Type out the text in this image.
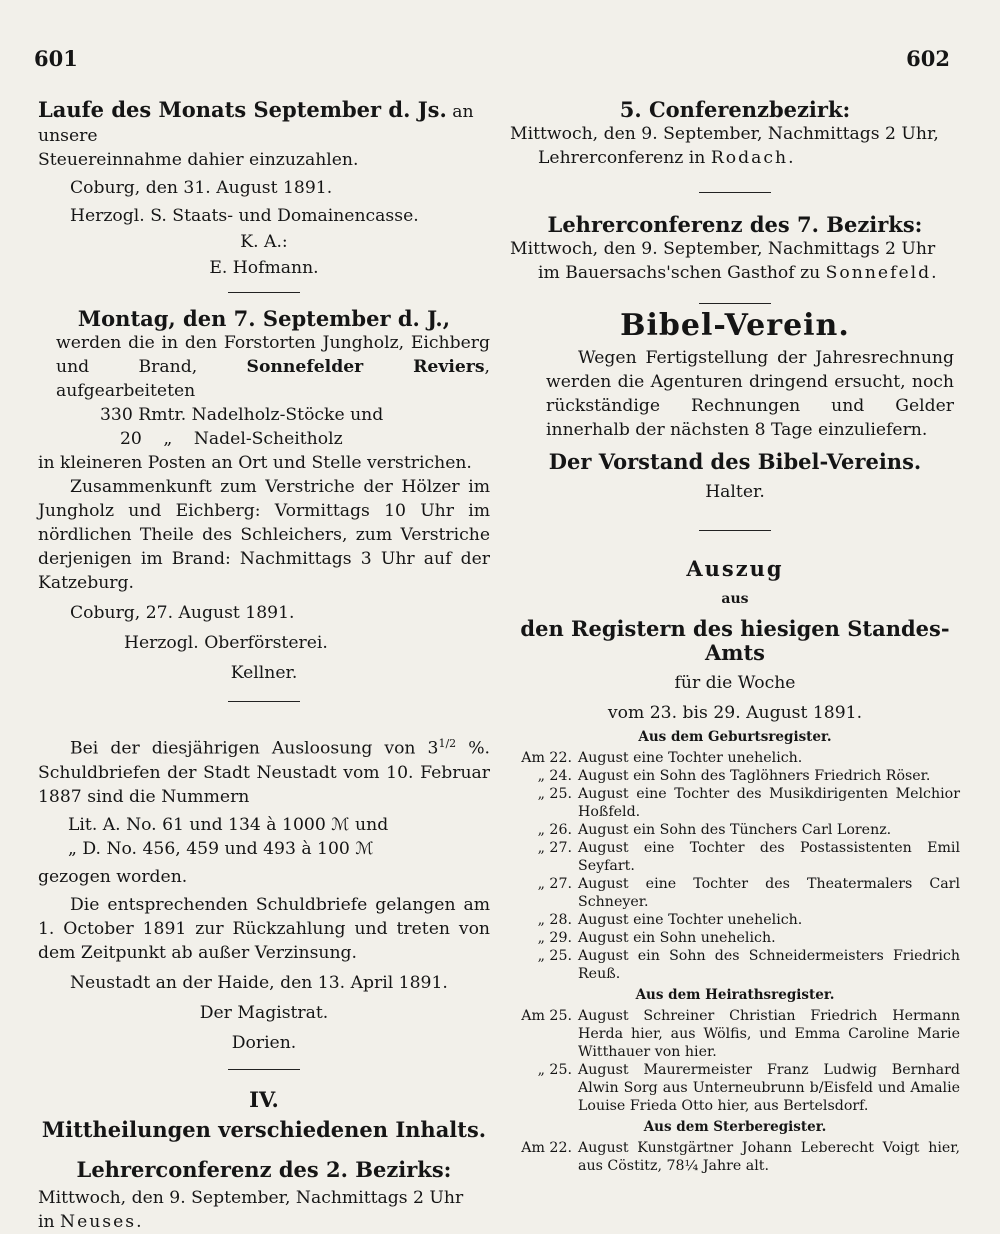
601	602

Laufe des Monats September d. Js. an unsere

Steuereinnahme dahier einzuzahlen.

Coburg, den 31. August 1891.

Herzogl. S. Staats- und Domainencasse.

K. A.:

E. Hofmann.

Montag, den 7. September d. J.,

werden die in den Forstorten Jungholz, Eichberg und Brand, Sonnefelder Reviers, aufgearbeiteten

330 Rmtr. Nadelholz-Stöcke und

20 „ Nadel-Scheitholz

in kleineren Posten an Ort und Stelle verstrichen.

Zusammenkunft zum Verstriche der Hölzer im Jungholz und Eichberg: Vormittags 10 Uhr im nördlichen Theile des Schleichers, zum Verstriche derjenigen im Brand: Nachmittags 3 Uhr auf der Katzeburg.

Coburg, 27. August 1891.

Herzogl. Oberförsterei.

Kellner.

Bei der diesjährigen Ausloosung von $3^{1/2}$ %. Schuldbriefen der Stadt Neustadt vom 10. Februar 1887 sind die Nummern

Lit. A. No. 61 und 134 à 1000 ℳ und

„ D. No. 456, 459 und 493 à 100 ℳ

gezogen worden.

Die entsprechenden Schuldbriefe gelangen am 1. October 1891 zur Rückzahlung und treten von dem Zeitpunkt ab außer Verzinsung.

Neustadt an der Haide, den 13. April 1891.

Der Magistrat.

Dorien.

IV.

Mittheilungen verschiedenen Inhalts.

Lehrerconferenz des 2. Bezirks:

Mittwoch, den 9. September, Nachmittags 2 Uhr

in Neuses.

5. Conferenzbezirk:

Mittwoch, den 9. September, Nachmittags 2 Uhr,

Lehrerconferenz in Rodach.

Lehrerconferenz des 7. Bezirks:

Mittwoch, den 9. September, Nachmittags 2 Uhr

im Bauersachs'schen Gasthof zu Sonnefeld.

Bibel-Verein.

Wegen Fertigstellung der Jahresrechnung werden die Agenturen dringend ersucht, noch rückständige Rechnungen und Gelder innerhalb der nächsten 8 Tage einzuliefern.

Der Vorstand des Bibel-Vereins.

Halter.

Auszug

aus

den Registern des hiesigen Standes-Amts

für die Woche

vom 23. bis 29. August 1891.

Aus dem Geburtsregister.

Am 22. August eine Tochter unehelich.
„ 24. August ein Sohn des Taglöhners Friedrich Röser.
„ 25. August eine Tochter des Musikdirigenten Melchior Hoßfeld.
„ 26. August ein Sohn des Tünchers Carl Lorenz.
„ 27. August eine Tochter des Postassistenten Emil Seyfart.
„ 27. August eine Tochter des Theatermalers Carl Schneyer.
„ 28. August eine Tochter unehelich.
„ 29. August ein Sohn unehelich.
„ 25. August ein Sohn des Schneidermeisters Friedrich Reuß.

Aus dem Heirathsregister.

Am 25. August Schreiner Christian Friedrich Hermann Herda hier, aus Wölfis, und Emma Caroline Marie Witthauer von hier.
„ 25. August Maurermeister Franz Ludwig Bernhard Alwin Sorg aus Unterneubrunn b/Eisfeld und Amalie Louise Frieda Otto hier, aus Bertelsdorf.

Aus dem Sterberegister.

Am 22. August Kunstgärtner Johann Leberecht Voigt hier, aus Cöstitz, 78¼ Jahre alt.
